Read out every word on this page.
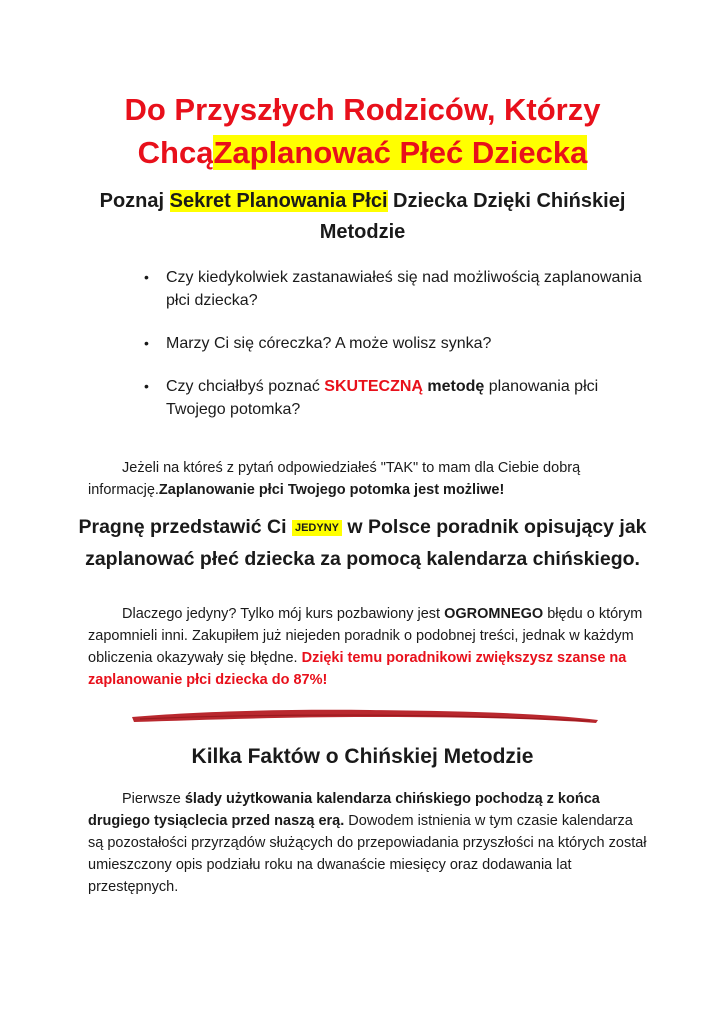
Do Przyszłych Rodziców, Którzy
ChcąZaplanować Płeć Dziecka
Poznaj Sekret Planowania Płci Dziecka Dzięki Chińskiej Metodzie
• Czy kiedykolwiek zastanawiałeś się nad możliwością zaplanowania płci dziecka?
• Marzy Ci się córeczka? A może wolisz synka?
• Czy chciałbyś poznać SKUTECZNĄ metodę planowania płci Twojego potomka?

Jeżeli na któreś z pytań odpowiedziałeś "TAK" to mam dla Ciebie dobrą informację.Zaplanowanie płci Twojego potomka jest możliwe!

Pragnę przedstawić Ci JEDYNY w Polsce poradnik opisujący jak zaplanować płeć dziecka za pomocą kalendarza chińskiego.

Dlaczego jedyny? Tylko mój kurs pozbawiony jest OGROMNEGO błędu o którym zapomnieli inni. Zakupiłem już niejeden poradnik o podobnej treści, jednak w każdym obliczenia okazywały się błędne. Dzięki temu poradnikowi zwiększysz szanse na zaplanowanie płci dziecka do 87%!

Kilka Faktów o Chińskiej Metodzie

Pierwsze ślady użytkowania kalendarza chińskiego pochodzą z końca drugiego tysiąclecia przed naszą erą. Dowodem istnienia w tym czasie kalendarza są pozostałości przyrządów służących do przepowiadania przyszłości na których został umieszczony opis podziału roku na dwanaście miesięcy oraz dodawania lat przestępnych.
